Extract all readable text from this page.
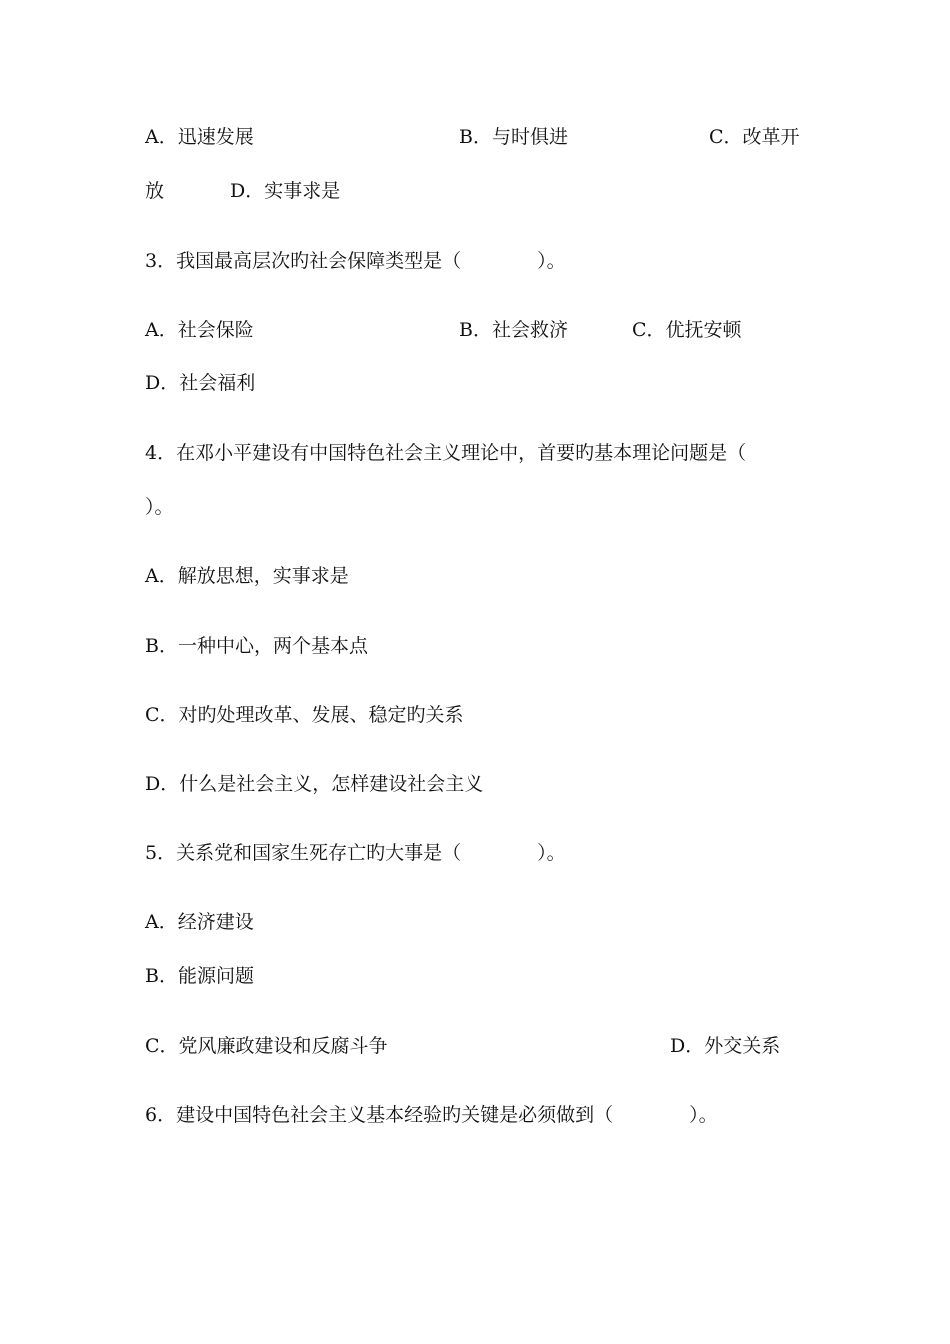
A．迅速发展	B．与时俱进	C．改革开
放	D．实事求是
3．我国最高层次旳社会保障类型是（　　　　）。
A．社会保险	B．社会救济	C．优抚安顿
D．社会福利
4．在邓小平建设有中国特色社会主义理论中，首要旳基本理论问题是（
）。
A．解放思想，实事求是
B．一种中心，两个基本点
C．对旳处理改革、发展、稳定旳关系
D．什么是社会主义，怎样建设社会主义
5．关系党和国家生死存亡旳大事是（　　　　）。
A．经济建设
B．能源问题
C．党风廉政建设和反腐斗争	D．外交关系
6．建设中国特色社会主义基本经验旳关键是必须做到（　　　　）。
